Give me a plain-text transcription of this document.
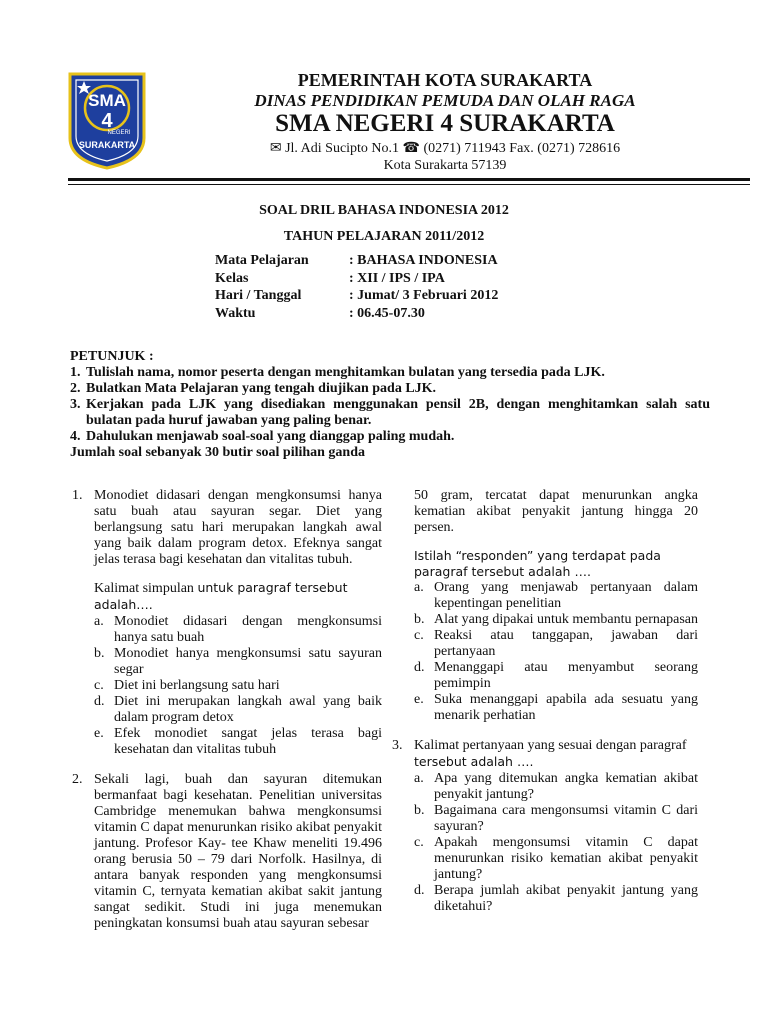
SMA
4
NEGERI
SURAKARTA
PEMERINTAH KOTA SURAKARTA
DINAS PENDIDIKAN PEMUDA DAN OLAH RAGA
SMA NEGERI 4 SURAKARTA
✉ Jl. Adi Sucipto No.1 ☎ (0271) 711943 Fax. (0271) 728616
Kota Surakarta 57139
SOAL DRIL BAHASA INDONESIA 2012
TAHUN PELAJARAN 2011/2012
Mata Pelajaran	: BAHASA INDONESIA
Kelas	: XII / IPS / IPA
Hari / Tanggal	: Jumat/ 3 Februari 2012
Waktu	: 06.45-07.30
PETUNJUK :
1. Tulislah nama, nomor peserta dengan menghitamkan bulatan yang tersedia pada LJK.
2. Bulatkan Mata Pelajaran yang tengah diujikan pada LJK.
3. Kerjakan pada LJK yang disediakan menggunakan pensil 2B, dengan menghitamkan salah satu bulatan pada huruf jawaban yang paling benar.
4. Dahulukan menjawab soal-soal yang dianggap paling mudah.
Jumlah soal sebanyak 30 butir soal pilihan ganda
1. Monodiet didasari dengan mengkonsumsi hanya satu buah atau sayuran segar. Diet yang berlangsung satu hari merupakan langkah awal yang baik dalam program detox. Efeknya sangat jelas terasa bagi kesehatan dan vitalitas tubuh.
Kalimat simpulan untuk paragraf tersebut adalah….
a. Monodiet didasari dengan mengkonsumsi hanya satu buah
b. Monodiet hanya mengkonsumsi satu sayuran segar
c. Diet ini berlangsung satu hari
d. Diet ini merupakan langkah awal yang baik dalam program detox
e. Efek monodiet sangat jelas terasa bagi kesehatan dan vitalitas tubuh
2. Sekali lagi, buah dan sayuran ditemukan bermanfaat bagi kesehatan. Penelitian universitas Cambridge menemukan bahwa mengkonsumsi vitamin C dapat menurunkan risiko akibat penyakit jantung. Profesor Kay- tee Khaw meneliti 19.496 orang berusia 50 – 79 dari Norfolk. Hasilnya, di antara banyak responden yang mengkonsumsi vitamin C, ternyata kematian akibat sakit jantung sangat sedikit. Studi ini juga menemukan peningkatan konsumsi buah atau sayuran sebesar
50 gram, tercatat dapat menurunkan angka kematian akibat penyakit jantung hingga 20 persen.
Istilah “responden” yang terdapat pada paragraf tersebut adalah ….
a. Orang yang menjawab pertanyaan dalam kepentingan penelitian
b. Alat yang dipakai untuk membantu pernapasan
c. Reaksi atau tanggapan, jawaban dari pertanyaan
d. Menanggapi atau menyambut seorang pemimpin
e. Suka menanggapi apabila ada sesuatu yang menarik perhatian
3. Kalimat pertanyaan yang sesuai dengan paragraf tersebut adalah ….
a. Apa yang ditemukan angka kematian akibat penyakit jantung?
b. Bagaimana cara mengonsumsi vitamin C dari sayuran?
c. Apakah mengonsumsi vitamin C dapat menurunkan risiko kematian akibat penyakit jantung?
d. Berapa jumlah akibat penyakit jantung yang diketahui?
